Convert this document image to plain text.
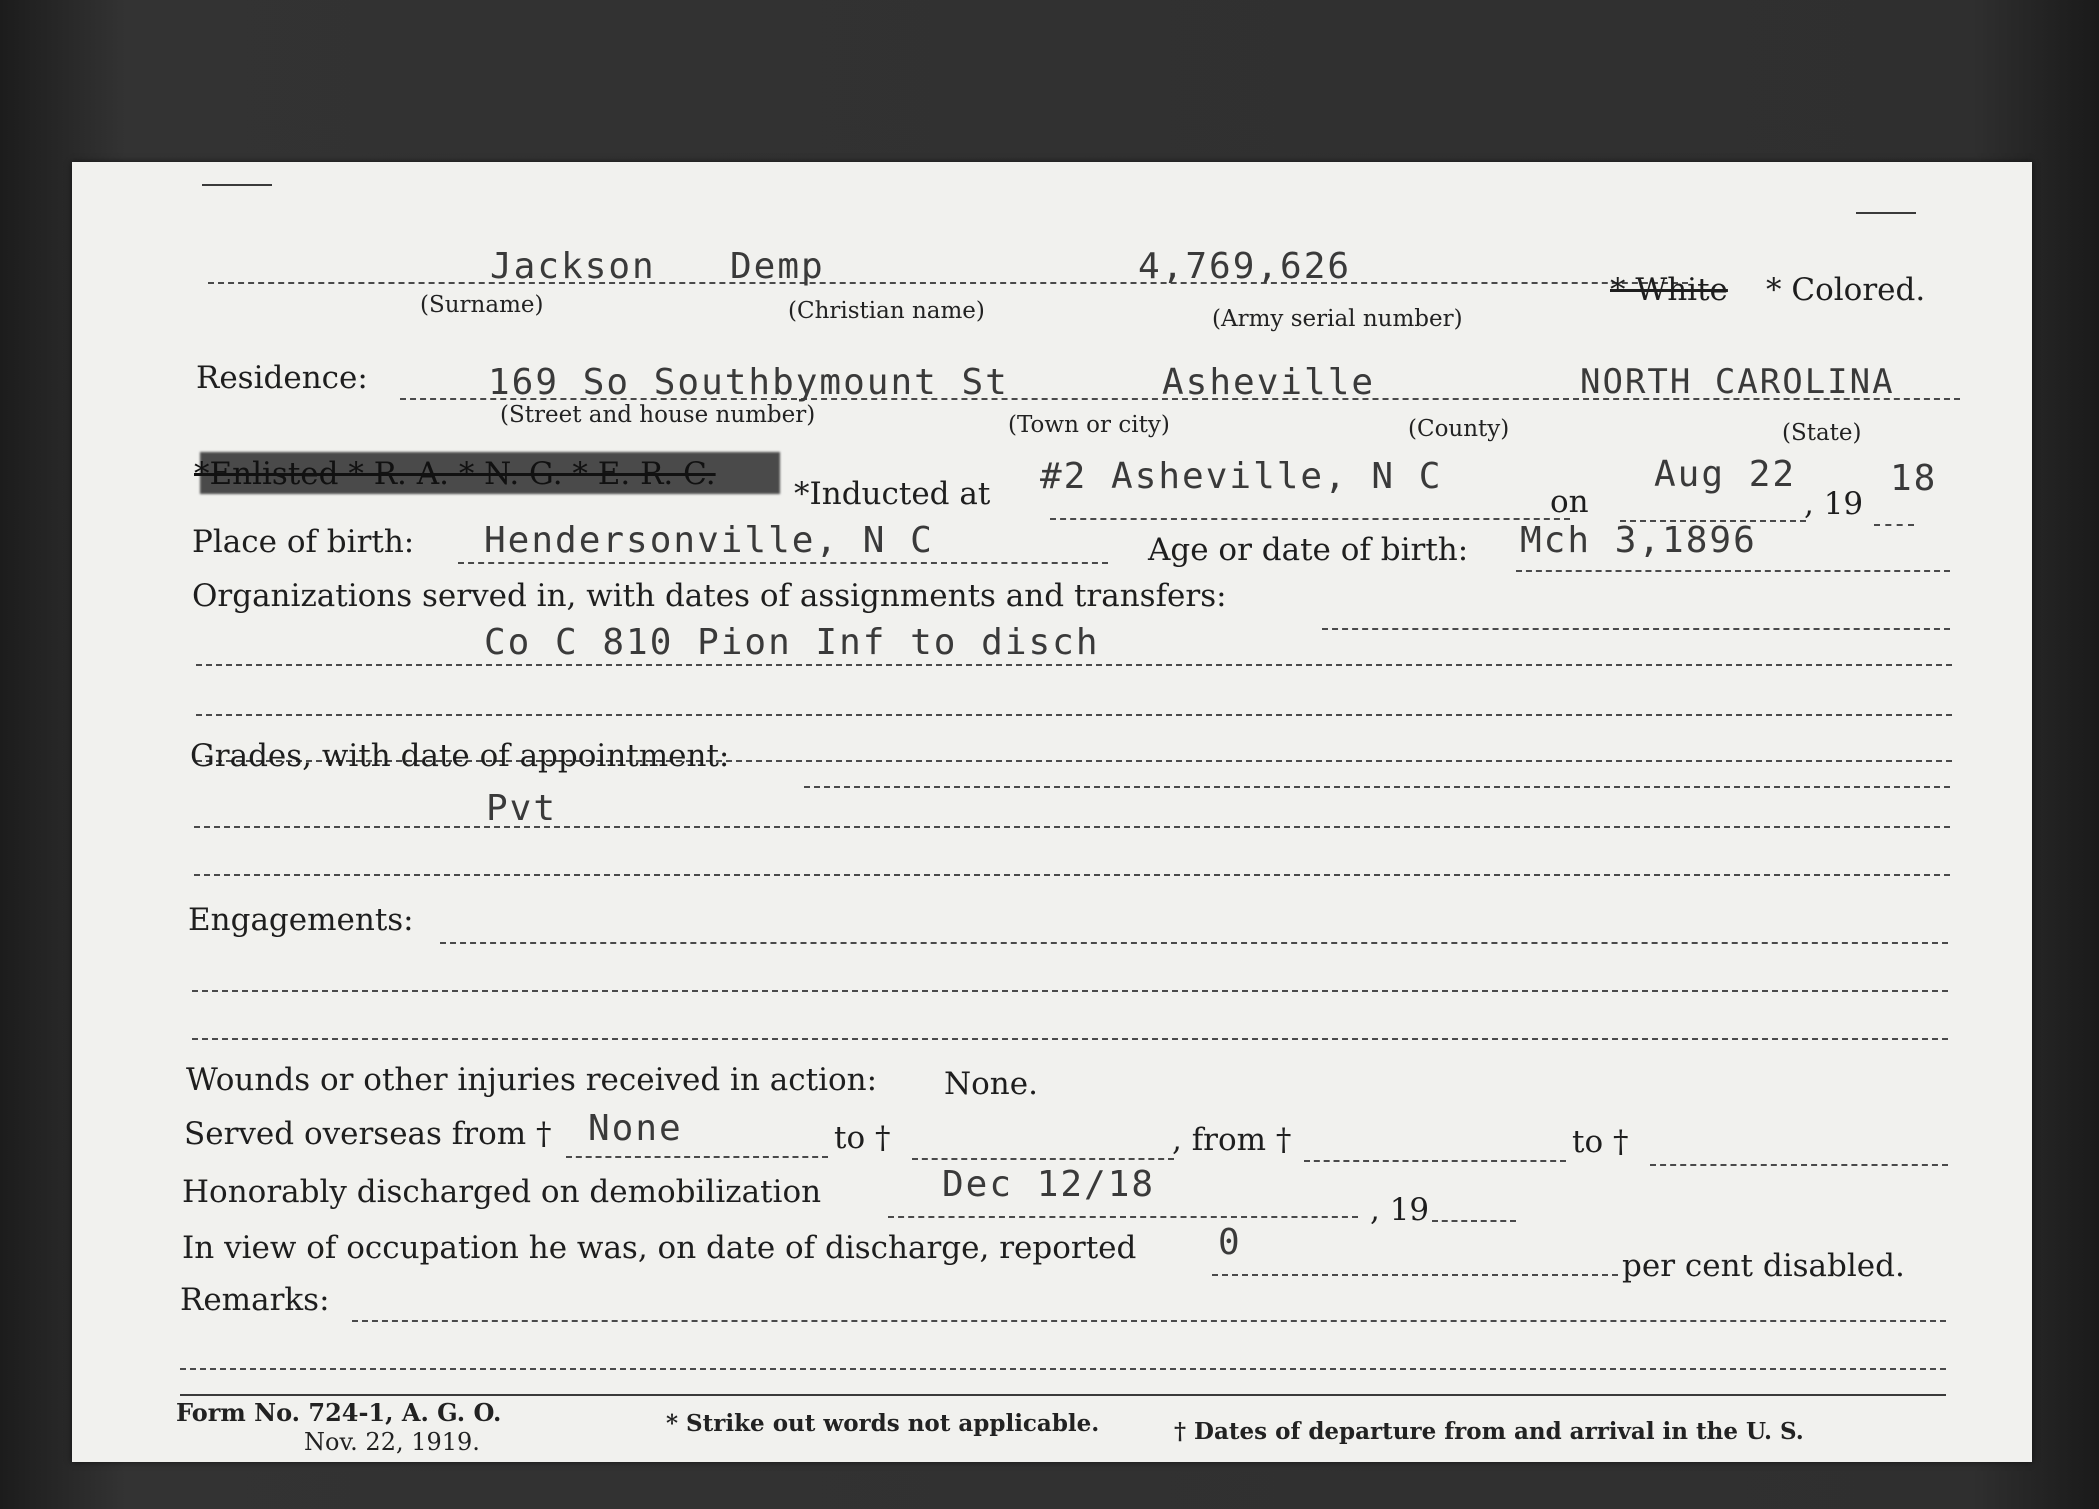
Jackson Demp	4,769,626
(Surname)	(Christian name)	(Army serial number)
* White * Colored.
Residence:	169 So Southbymount St	Asheville	NORTH CAROLINA
(Street and house number)	(Town or city)	(County)	(State)
*Enlisted * R. A. * N. G. * E. R. C.
*Inducted at #2 Asheville, N C
on
Aug 22
, 19
18
Place of birth: Hendersonville, N C	Age or date of birth: Mch 3,1896
Organizations served in, with dates of assignments and transfers:
Co C 810 Pion Inf to disch
Grades, with date of appointment:
Pvt
Engagements:
Wounds or other injuries received in action: None.
Served overseas from † None	to †	, from †	to †
Honorably discharged on demobilization	Dec 12/18
, 19
In view of occupation he was, on date of discharge, reported 0
per cent disabled.
Remarks:
Form No. 724-1, A. G. O.
Nov. 22, 1919.
* Strike out words not applicable.	† Dates of departure from and arrival in the U. S.
